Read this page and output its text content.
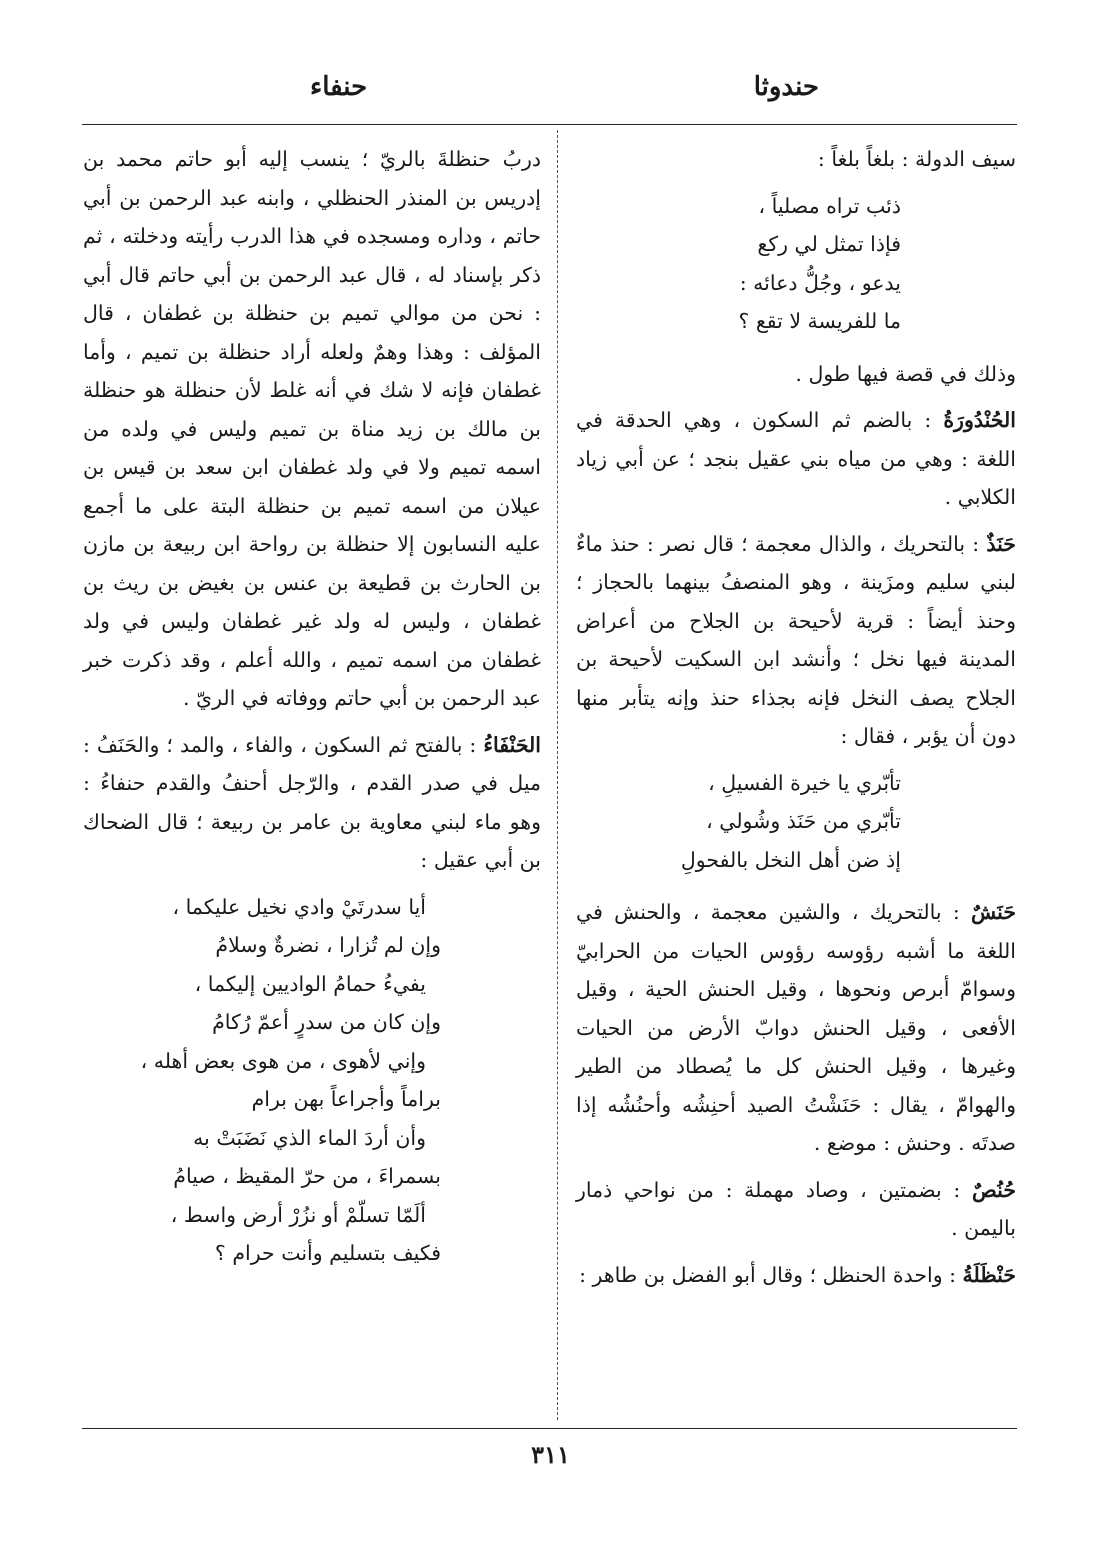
حندوثا
حنفاء

سيف الدولة : بلغاً بلغاً :

ذئب تراه مصلياً ،
فإذا تمثل لي ركع
يدعو ، وجُلُّ دعائه :
ما للفريسة لا تقع ؟

وذلك في قصة فيها طول .

الحُنْدُورَةُ : بالضم ثم السكون ، وهي الحدقة في اللغة : وهي من مياه بني عقيل بنجد ؛ عن أبي زياد الكلابي .

حَنَذٌ : بالتحريك ، والذال معجمة ؛ قال نصر : حنذ ماءٌ لبني سليم ومزَينة ، وهو المنصفُ بينهما بالحجاز ؛ وحنذ أيضاً : قرية لأحيحة بن الجلاح من أعراض المدينة فيها نخل ؛ وأنشد ابن السكيت لأحيحة بن الجلاح يصف النخل فإنه بجذاء حنذ وإنه يتأبر منها دون أن يؤبر ، فقال :

تأبّري يا خيرة الفسيلِ ،
تأبّري من حَنَذ وشُولي ،
إذ ضن أهل النخل بالفحولِ

حَنَشٌ : بالتحريك ، والشين معجمة ، والحنش في اللغة ما أشبه رؤوسه رؤوس الحيات من الحرابيّ وسوامّ أبرص ونحوها ، وقيل الحنش الحية ، وقيل الأفعى ، وقيل الحنش دوابّ الأرض من الحيات وغيرها ، وقيل الحنش كل ما يُصطاد من الطير والهوامّ ، يقال : حَنَشْتُ الصيد أحنِشُه وأحنُشُه إذا صدتَه . وحنش : موضع .

حُنُصٌ : بضمتين ، وصاد مهملة : من نواحي ذمار باليمن .

حَنْظَلَةُ : واحدة الحنظل ؛ وقال أبو الفضل بن طاهر :

دربُ حنظلةَ بالريّ ؛ ينسب إليه أبو حاتم محمد بن إدريس بن المنذر الحنظلي ، وابنه عبد الرحمن بن أبي حاتم ، وداره ومسجده في هذا الدرب رأيته ودخلته ، ثم ذكر بإسناد له ، قال عبد الرحمن بن أبي حاتم قال أبي : نحن من موالي تميم بن حنظلة بن غطفان ، قال المؤلف : وهذا وهمٌ ولعله أراد حنظلة بن تميم ، وأما غطفان فإنه لا شك في أنه غلط لأن حنظلة هو حنظلة بن مالك بن زيد مناة بن تميم وليس في ولده من اسمه تميم ولا في ولد غطفان ابن سعد بن قيس بن عيلان من اسمه تميم بن حنظلة البتة على ما أجمع عليه النسابون إلا حنظلة بن رواحة ابن ربيعة بن مازن بن الحارث بن قطيعة بن عنس بن بغيض بن ريث بن غطفان ، وليس له ولد غير غطفان وليس في ولد غطفان من اسمه تميم ، والله أعلم ، وقد ذكرت خبر عبد الرحمن بن أبي حاتم ووفاته في الريّ .

الحَنْفَاءُ : بالفتح ثم السكون ، والفاء ، والمد ؛ والحَنَفُ : ميل في صدر القدم ، والرّجل أحنفُ والقدم حنفاءُ : وهو ماء لبني معاوية بن عامر بن ربيعة ؛ قال الضحاك بن أبي عقيل :

أيا سدرتَيْ وادي نخيل عليكما ،
وإن لم تُزارا ، نضرةٌ وسلامُ
يفيءُ حمامُ الواديين إليكما ،
وإن كان من سدرٍ أعمّ رُكامُ
وإني لأهوى ، من هوى بعض أهله ،
براماً وأجراعاً بهن برام
وأن أردَ الماء الذي نَضَبَتْ به
بسمراءَ ، من حرّ المقيظ ، صيامُ
ألَمّا تسلّمْ أو نزُرْ أرض واسط ،
فكيف بتسليم وأنت حرام ؟
٣١١
